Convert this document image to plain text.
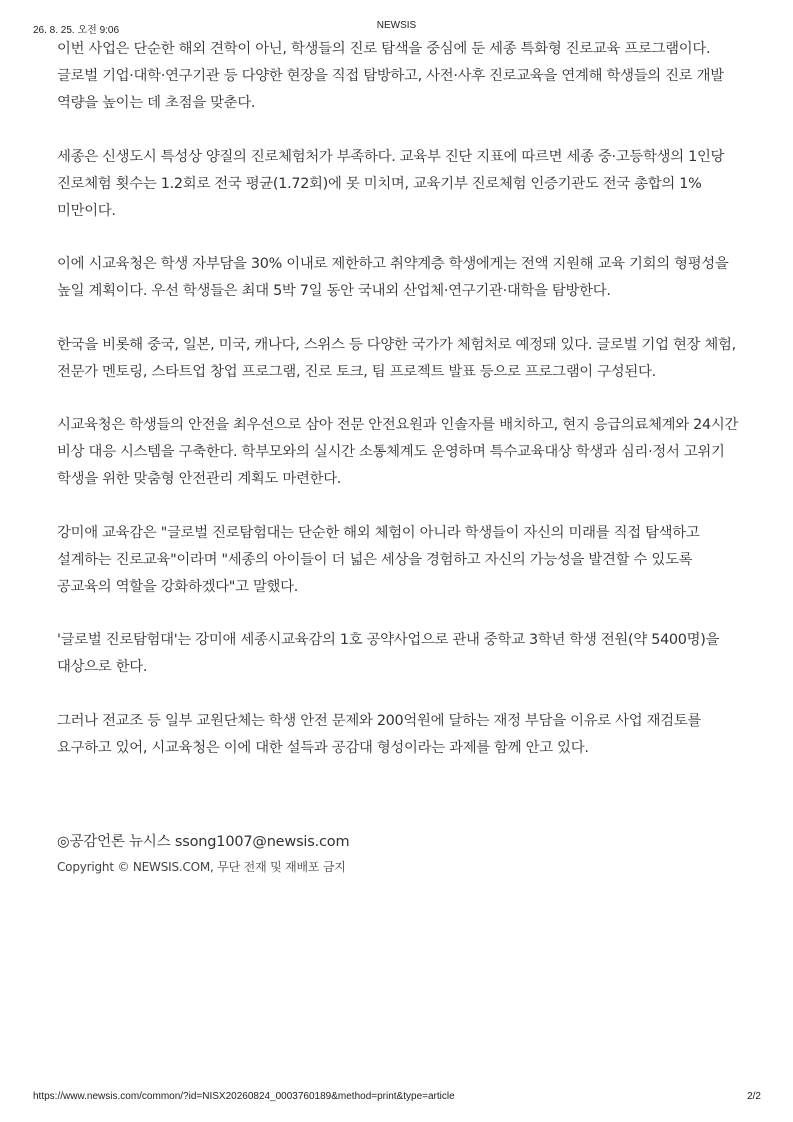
26. 8. 25. 오전 9:06	NEWSIS

이번 사업은 단순한 해외 견학이 아닌, 학생들의 진로 탐색을 중심에 둔 세종 특화형 진로교육 프로그램이다. 글로벌 기업·대학·연구기관 등 다양한 현장을 직접 탐방하고, 사전·사후 진로교육을 연계해 학생들의 진로 개발 역량을 높이는 데 초점을 맞춘다.

세종은 신생도시 특성상 양질의 진로체험처가 부족하다. 교육부 진단 지표에 따르면 세종 중·고등학생의 1인당 진로체험 횟수는 1.2회로 전국 평균(1.72회)에 못 미치며, 교육기부 진로체험 인증기관도 전국 총합의 1% 미만이다.

이에 시교육청은 학생 자부담을 30% 이내로 제한하고 취약계층 학생에게는 전액 지원해 교육 기회의 형평성을 높일 계획이다. 우선 학생들은 최대 5박 7일 동안 국내외 산업체·연구기관·대학을 탐방한다.

한국을 비롯해 중국, 일본, 미국, 캐나다, 스위스 등 다양한 국가가 체험처로 예정돼 있다. 글로벌 기업 현장 체험, 전문가 멘토링, 스타트업 창업 프로그램, 진로 토크, 팀 프로젝트 발표 등으로 프로그램이 구성된다.

시교육청은 학생들의 안전을 최우선으로 삼아 전문 안전요원과 인솔자를 배치하고, 현지 응급의료체계와 24시간 비상 대응 시스템을 구축한다. 학부모와의 실시간 소통체계도 운영하며 특수교육대상 학생과 심리·정서 고위기 학생을 위한 맞춤형 안전관리 계획도 마련한다.

강미애 교육감은 "글로벌 진로탐험대는 단순한 해외 체험이 아니라 학생들이 자신의 미래를 직접 탐색하고 설계하는 진로교육"이라며 "세종의 아이들이 더 넓은 세상을 경험하고 자신의 가능성을 발견할 수 있도록 공교육의 역할을 강화하겠다"고 말했다.

'글로벌 진로탐험대'는 강미애 세종시교육감의 1호 공약사업으로 관내 중학교 3학년 학생 전원(약 5400명)을 대상으로 한다.

그러나 전교조 등 일부 교원단체는 학생 안전 문제와 200억원에 달하는 재정 부담을 이유로 사업 재검토를 요구하고 있어, 시교육청은 이에 대한 설득과 공감대 형성이라는 과제를 함께 안고 있다.

◎공감언론 뉴시스 ssong1007@newsis.com
Copyright © NEWSIS.COM, 무단 전재 및 재배포 금지
https://www.newsis.com/common/?id=NISX20260824_0003760189&method=print&type=article	2/2
